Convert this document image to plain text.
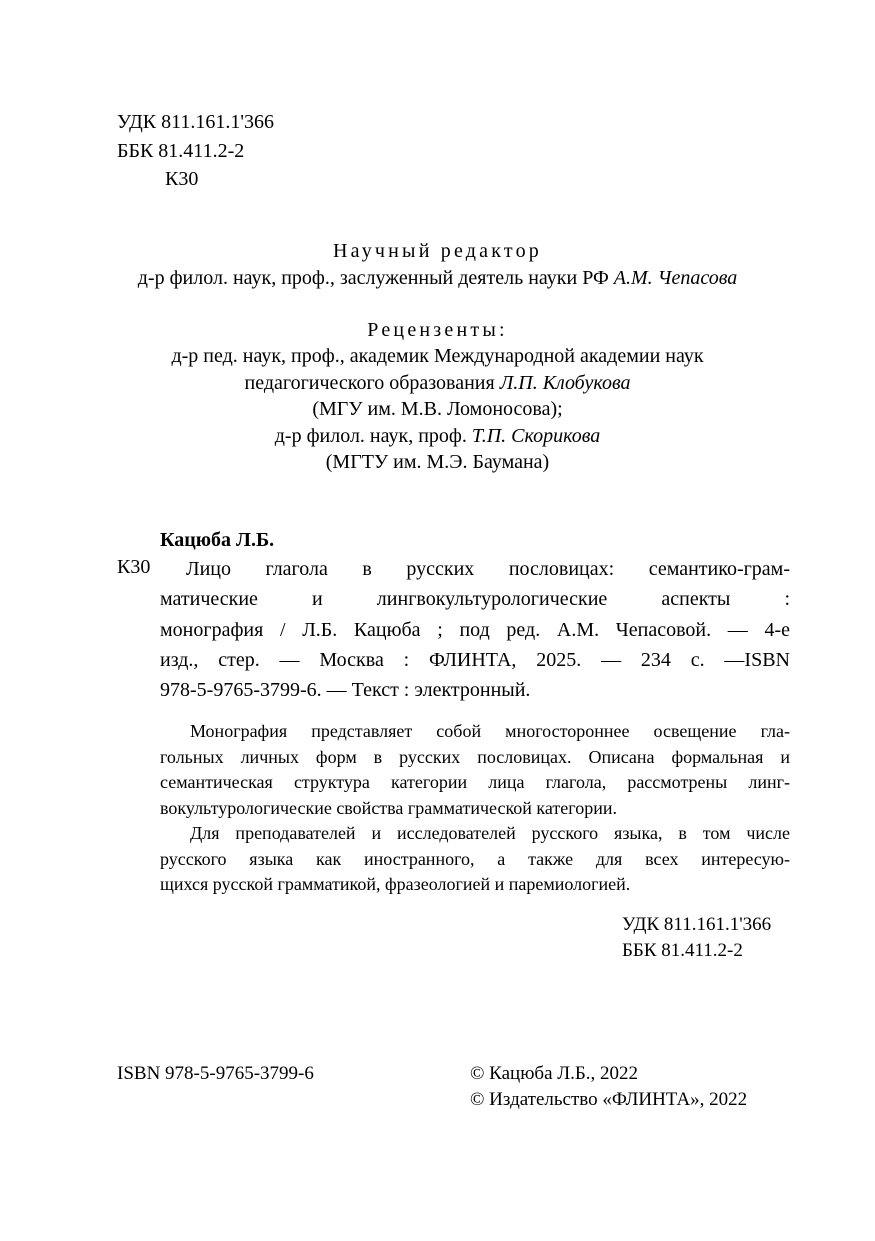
УДК 811.161.1'366
ББК 81.411.2-2
К30
Научный редактор
д-р филол. наук, проф., заслуженный деятель науки РФ А.М. Чепасова
Рецензенты:
д-р пед. наук, проф., академик Международной академии наук
педагогического образования Л.П. Клобукова
(МГУ им. М.В. Ломоносова);
д-р филол. наук, проф. Т.П. Скорикова
(МГТУ им. М.Э. Баумана)
Кацюба Л.Б.
К30 Лицо глагола в русских пословицах: семантико-грам-
матические и лингвокультурологические аспекты :
монография / Л.Б. Кацюба ; под ред. А.М. Чепасовой. — 4-е
изд., стер. — Москва : ФЛИНТА, 2025. — 234 с. —ISBN
978-5-9765-3799-6. — Текст : электронный.
Монография представляет собой многостороннее освещение гла-
гольных личных форм в русских пословицах. Описана формальная и
семантическая структура категории лица глагола, рассмотрены линг-
вокультурологические свойства грамматической категории.
Для преподавателей и исследователей русского языка, в том числе
русского языка как иностранного, а также для всех интересую-
щихся русской грамматикой, фразеологией и паремиологией.
УДК 811.161.1'366
ББК 81.411.2-2
ISBN 978-5-9765-3799-6	© Кацюба Л.Б., 2022
© Издательство «ФЛИНТА», 2022
